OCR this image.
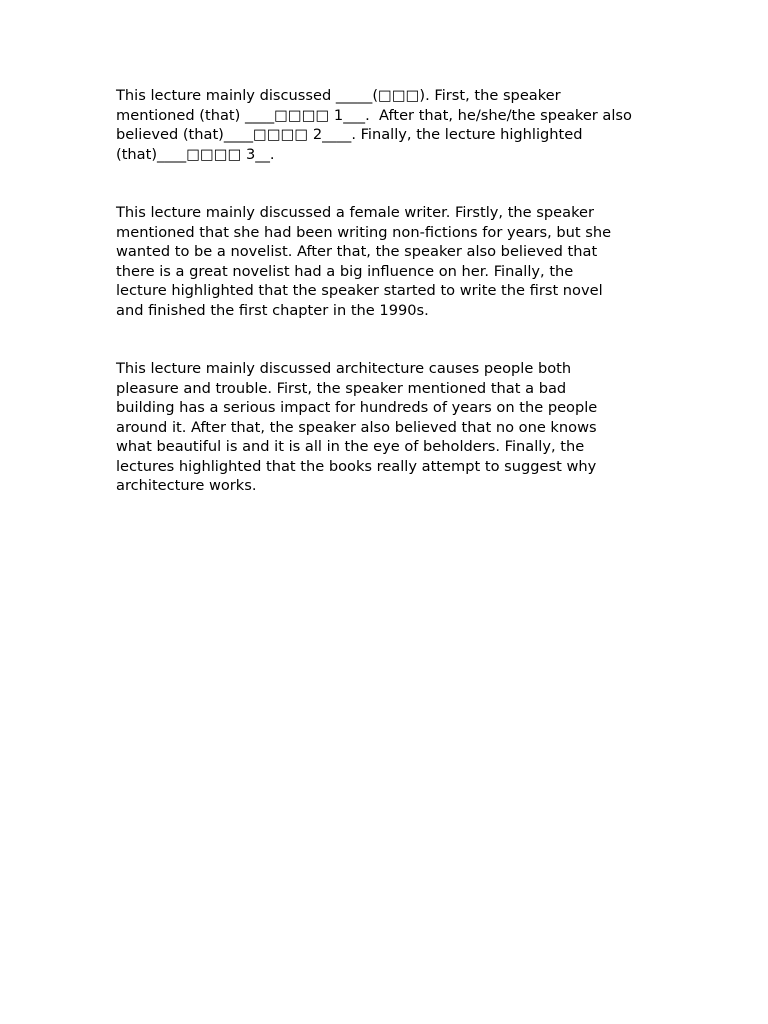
This lecture mainly discussed _____(□□□). First, the speaker
mentioned (that) ____□□□□ 1___.  After that, he/she/the speaker also
believed (that)____□□□□ 2____. Finally, the lecture highlighted
(that)____□□□□ 3__.

This lecture mainly discussed a female writer. Firstly, the speaker
mentioned that she had been writing non-fictions for years, but she
wanted to be a novelist. After that, the speaker also believed that
there is a great novelist had a big influence on her. Finally, the
lecture highlighted that the speaker started to write the first novel
and finished the first chapter in the 1990s.

This lecture mainly discussed architecture causes people both
pleasure and trouble. First, the speaker mentioned that a bad
building has a serious impact for hundreds of years on the people
around it. After that, the speaker also believed that no one knows
what beautiful is and it is all in the eye of beholders. Finally, the
lectures highlighted that the books really attempt to suggest why
architecture works.
